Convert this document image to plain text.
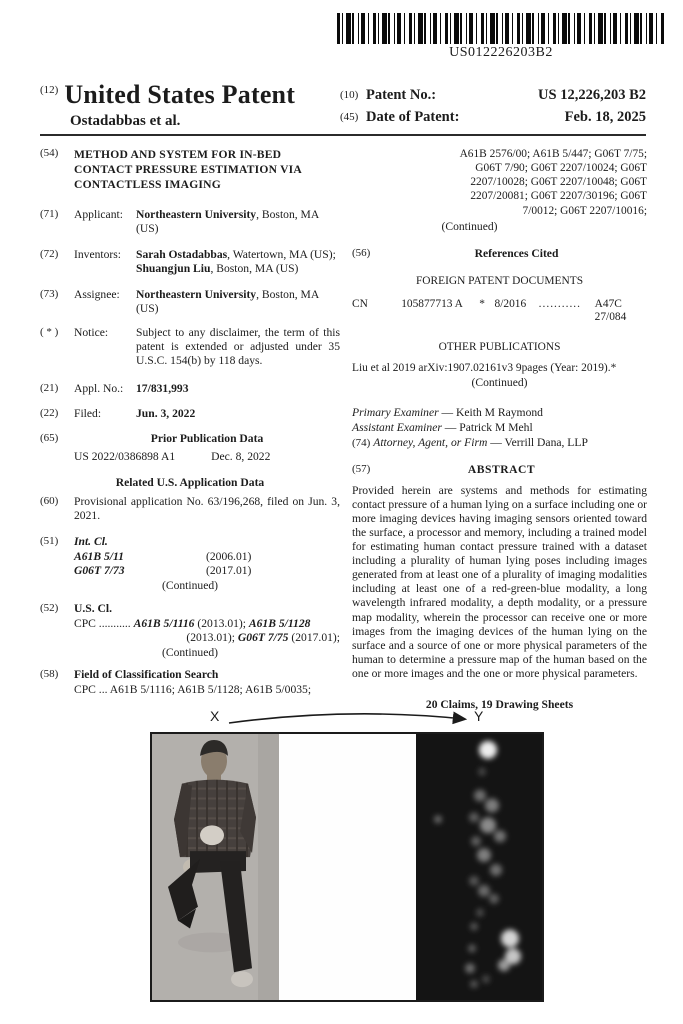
US012226203B2
$^{(12)}$ United States Patent
Ostadabbas et al.
(10) Patent No.:	US 12,226,203 B2
(45) Date of Patent:	Feb. 18, 2025
(54)	METHOD AND SYSTEM FOR IN-BED CONTACT PRESSURE ESTIMATION VIA CONTACTLESS IMAGING
(71)	Applicant:	Northeastern University, Boston, MA (US)
(72)	Inventors:	Sarah Ostadabbas, Watertown, MA (US); Shuangjun Liu, Boston, MA (US)
(73)	Assignee:	Northeastern University, Boston, MA (US)
( * )	Notice:	Subject to any disclaimer, the term of this patent is extended or adjusted under 35 U.S.C. 154(b) by 118 days.
(21)	Appl. No.:	17/831,993
(22)	Filed:	Jun. 3, 2022
(65)	Prior Publication Data
US 2022/0386898 A1	Dec. 8, 2022
Related U.S. Application Data
(60)	Provisional application No. 63/196,268, filed on Jun. 3, 2021.
(51)	Int. Cl.
A61B 5/11	(2006.01)
G06T 7/73	(2017.01)
(Continued)
(52)	U.S. Cl.
CPC ........... A61B 5/1116 (2013.01); A61B 5/1128
(2013.01); G06T 7/75 (2017.01);
(Continued)
(58)	Field of Classification Search
CPC ... A61B 5/1116; A61B 5/1128; A61B 5/0035;
A61B 2576/00; A61B 5/447; G06T 7/75;
G06T 7/90; G06T 2207/10024; G06T
2207/10028; G06T 2207/10048; G06T
2207/20081; G06T 2207/30196; G06T
7/0012; G06T 2207/10016;
(Continued)
(56)	References Cited
FOREIGN PATENT DOCUMENTS
CN	105877713 A	* 8/2016	...........	A47C 27/084
OTHER PUBLICATIONS
Liu et al 2019 arXiv:1907.02161v3 9pages (Year: 2019).*
(Continued)
Primary Examiner — Keith M Raymond
Assistant Examiner — Patrick M Mehl
(74) Attorney, Agent, or Firm — Verrill Dana, LLP
(57)	ABSTRACT
Provided herein are systems and methods for estimating contact pressure of a human lying on a surface including one or more imaging devices having imaging sensors oriented toward the surface, a processor and memory, including a trained model for estimating human contact pressure trained with a dataset including a plurality of human lying poses including images generated from at least one of a plurality of imaging modalities including at least one of a red-green-blue modality, a long wavelength infrared modality, a depth modality, or a pressure map modality, wherein the processor can receive one or more images from the imaging devices of the human lying on the surface and a source of one or more physical parameters of the human to determine a pressure map of the human based on the one or more images and the one or more physical parameters.
20 Claims, 19 Drawing Sheets
X	Y
